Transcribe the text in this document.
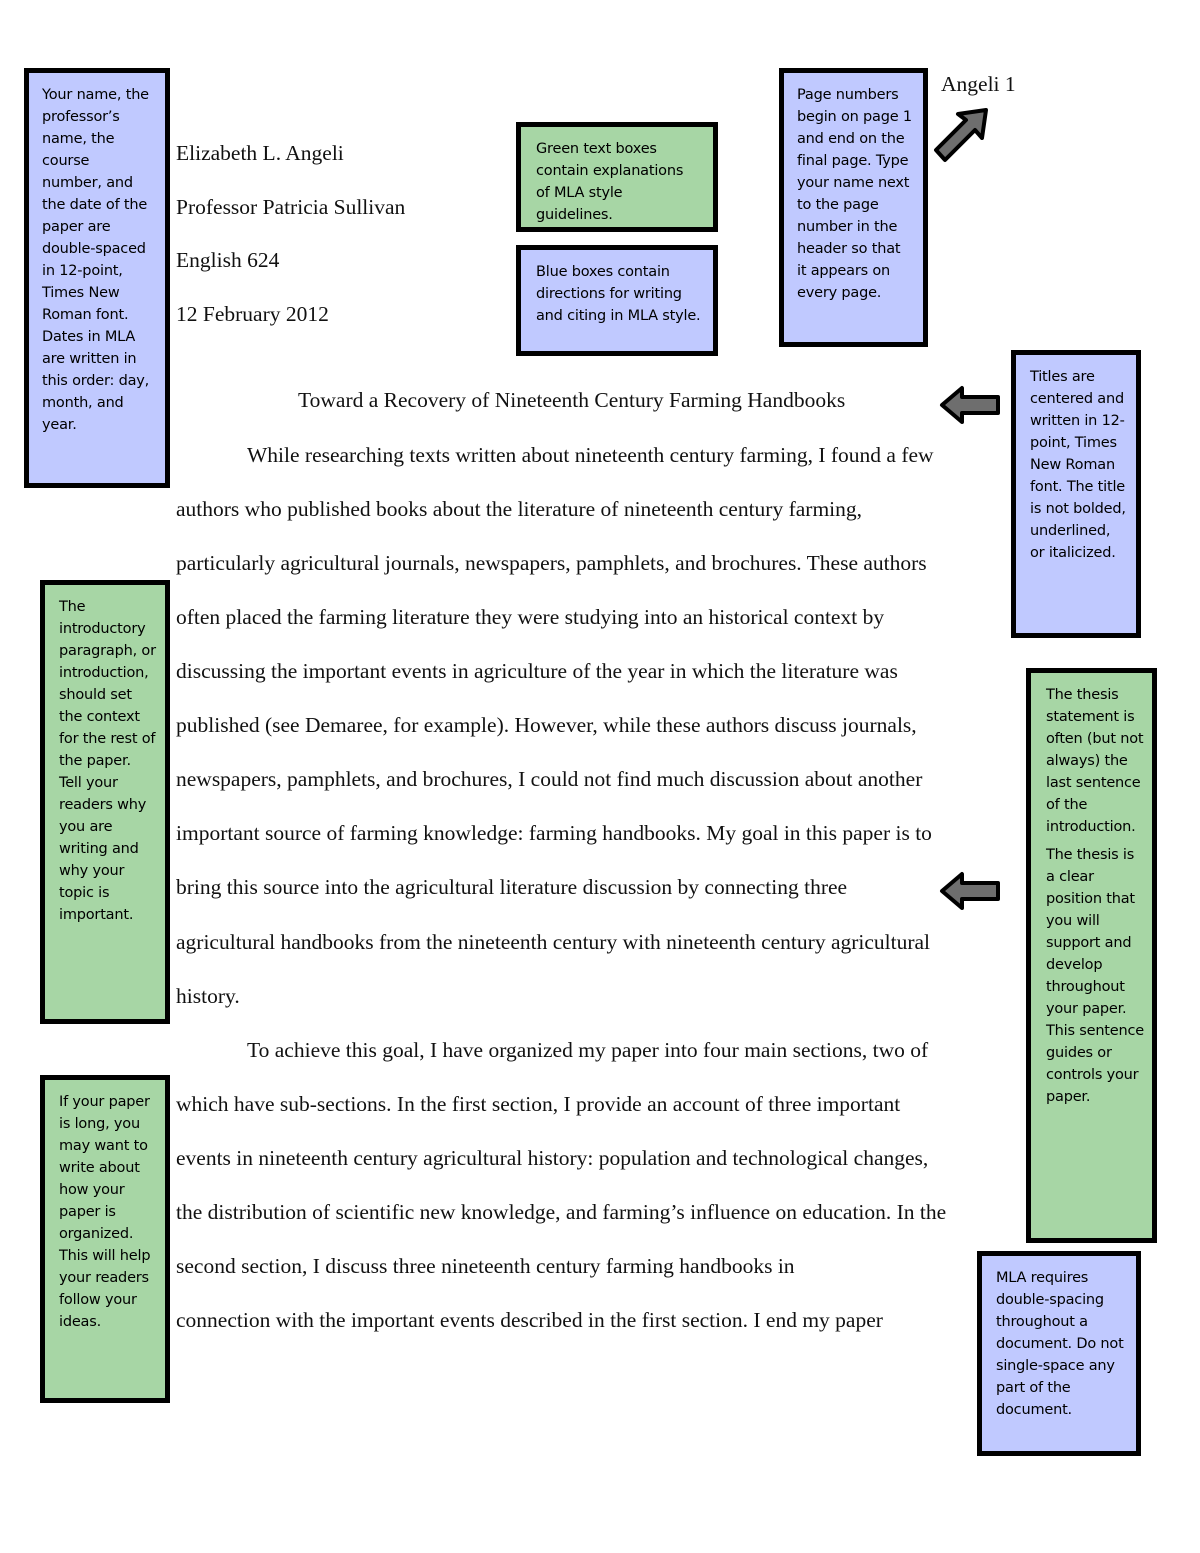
Angeli 1
Elizabeth L. Angeli
Professor Patricia Sullivan
English 624
12 February 2012
Toward a Recovery of Nineteenth Century Farming Handbooks
While researching texts written about nineteenth century farming, I found a few
authors who published books about the literature of nineteenth century farming,
particularly agricultural journals, newspapers, pamphlets, and brochures. These authors
often placed the farming literature they were studying into an historical context by
discussing the important events in agriculture of the year in which the literature was
published (see Demaree, for example). However, while these authors discuss journals,
newspapers, pamphlets, and brochures, I could not find much discussion about another
important source of farming knowledge: farming handbooks. My goal in this paper is to
bring this source into the agricultural literature discussion by connecting three
agricultural handbooks from the nineteenth century with nineteenth century agricultural
history.
To achieve this goal, I have organized my paper into four main sections, two of
which have sub-sections. In the first section, I provide an account of three important
events in nineteenth century agricultural history: population and technological changes,
the distribution of scientific new knowledge, and farming’s influence on education. In the
second section, I discuss three nineteenth century farming handbooks in
connection with the important events described in the first section. I end my paper

Your name, the professor’s name, the course number, and the date of the paper are double-spaced in 12-point, Times New Roman font. Dates in MLA are written in this order: day, month, and year.

Green text boxes contain explanations of MLA style guidelines.

Blue boxes contain directions for writing and citing in MLA style.

Page numbers begin on page 1 and end on the final page. Type your name next to the page number in the header so that it appears on every page.

Titles are centered and written in 12-point, Times New Roman font. The title is not bolded, underlined, or italicized.

The introductory paragraph, or introduction, should set the context for the rest of the paper. Tell your readers why you are writing and why your topic is important.

The thesis statement is often (but not always) the last sentence of the introduction.

The thesis is a clear position that you will support and develop throughout your paper. This sentence guides or controls your paper.

If your paper is long, you may want to write about how your paper is organized. This will help your readers follow your ideas.

MLA requires double-spacing throughout a document. Do not single-space any part of the document.
